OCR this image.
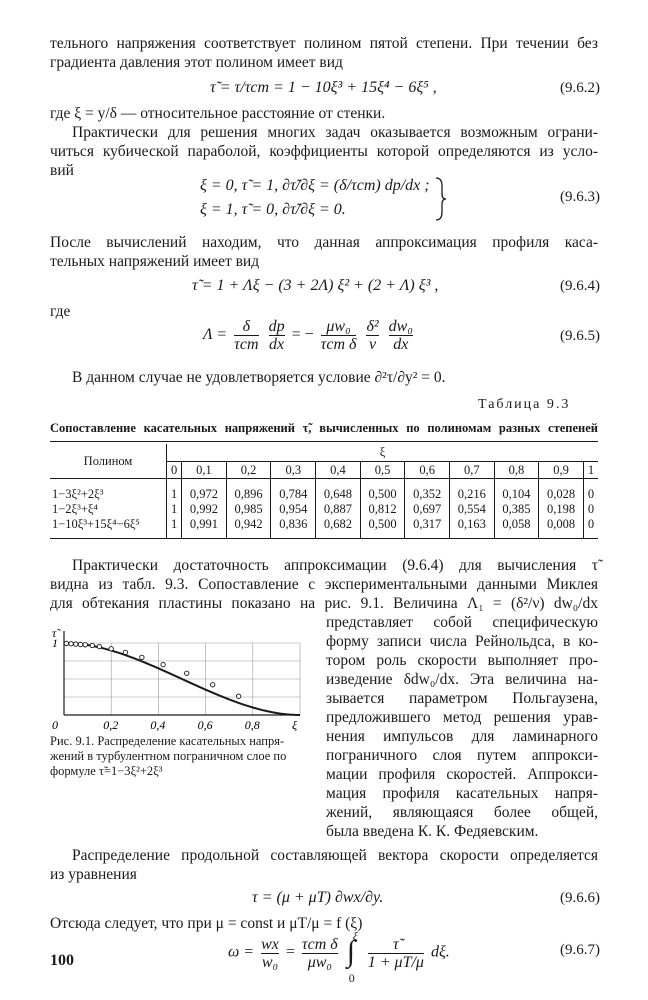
тельного напряжения соответствует полином пятой степени. При течении без
градиента давления этот полином имеет вид
τ̃ = τ/τст = 1 − 10ξ³ + 15ξ⁴ − 6ξ⁵ ,	(9.6.2)
где ξ = y/δ — относительное расстояние от стенки.
Практически для решения многих задач оказывается возможным ограни-
читься кубической параболой, коэффициенты которой определяются из усло-
вий
ξ = 0, τ̃ = 1, ∂τ̃/∂ξ = (δ/τст) dp/dx ;
ξ = 1, τ̃ = 0, ∂τ̃/∂ξ = 0.
(9.6.3)
После вычислений находим, что данная аппроксимация профиля каса-
тельных напряжений имеет вид
τ̃ = 1 + Λξ − (3 + 2Λ) ξ² + (2 + Λ) ξ³ ,	(9.6.4)
где
$\Lambda = \frac{\delta}{\text{τст}}$
$\frac{dp}{dx}$ = − $\frac{\text{μw₀}}{\text{τст δ}}$
$\frac{\text{δ²}}{\nu}$
$\frac{\text{dw₀}}{dx}$	(9.6.5)
В данном случае не удовлетворяется условие ∂²τ/∂y² = 0.
Таблица 9.3
Сопоставление касательных напряжений τ̃, вычисленных по полиномам разных степеней
Полином	ξ										
	0	0,1	0,2	0,3	0,4	0,5	0,6	0,7	0,8	0,9	1

1−3ξ²+2ξ³	1	0,972	0,896	0,784	0,648	0,500	0,352	0,216	0,104	0,028	0
1−2ξ³+ξ⁴	1	0,992	0,985	0,954	0,887	0,812	0,697	0,554	0,385	0,198	0
1−10ξ³+15ξ⁴−6ξ⁵	1	0,991	0,942	0,836	0,682	0,500	0,317	0,163	0,058	0,008	0

Практически достаточность аппроксимации (9.6.4) для вычисления τ̃
видна из табл. 9.3. Сопоставление с экспериментальными данными Миклея
для обтекания пластины показано на рис. 9.1. Величина Λ₁ = (δ²/ν) dw₀/dx
представляет собой специфическую
форму записи числа Рейнольдса, в ко-
тором роль скорости выполняет про-
изведение δdw₀/dx. Эта величина на-
зывается параметром Польгаузена,
предложившего метод решения урав-
нения импульсов для ламинарного
пограничного слоя путем аппрокси-
мации профиля скоростей. Аппрокси-
мация профиля касательных напря-
жений, являющаяся более общей,
была введена К. К. Федяевским.
τ̃
1
0	0,2	0,4	0,6	0,8	ξ
Рис. 9.1. Распределение касательных напря-
жений в турбулентном пограничном слое по
формуле τ̃=1−3ξ²+2ξ³
Распределение продольной составляющей вектора скорости определяется
из уравнения
τ = (μ + μT) ∂wx/∂y.	(9.6.6)
Отсюда следует, что при μ = const и μT/μ = f (ξ)
$\omega = \frac{wx}{\text{w₀}} = \frac{\text{τст δ}}{\text{μw₀}}$
∫
ξ
0

$\frac{\taũ}{1 + \mu T/\mu} d\xi$.	(9.6.7)
100
